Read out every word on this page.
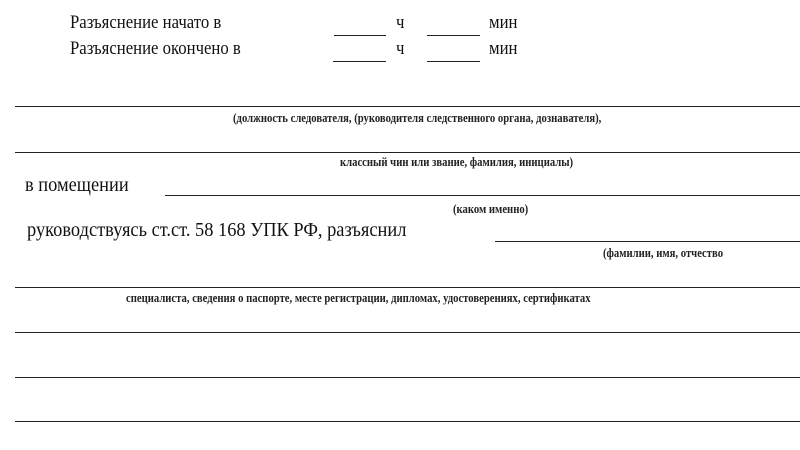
Разъяснение начато в	ч	мин
Разъяснение окончено в	ч	мин
(должность следователя, (руководителя следственного органа, дознавателя),
классный чин или звание, фамилия, инициалы)
в помещении
(каком именно)
руководствуясь ст.ст. 58 168 УПК РФ, разъяснил
(фамилии, имя, отчество
специалиста, сведения о паспорте, месте регистрации, дипломах, удостоверениях, сертификатах
